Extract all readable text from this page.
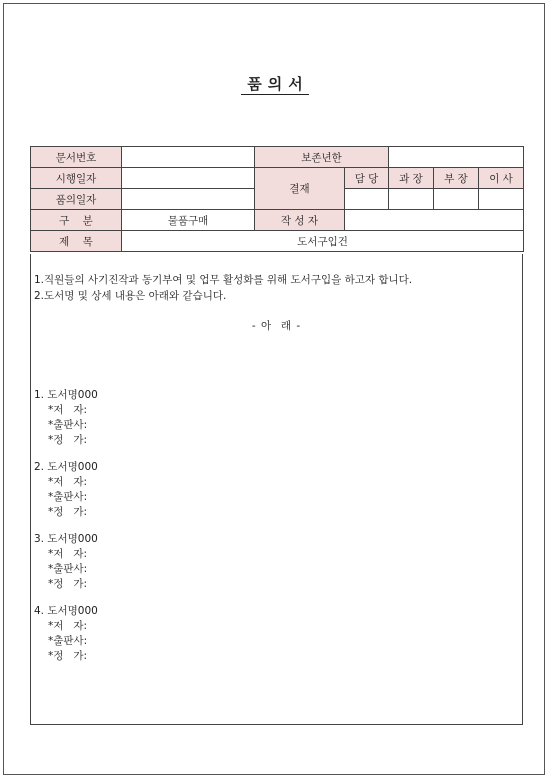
품의서
문서번호		보존년한				
시행일자		결재	담 당	과 장	부 장	이 사
품의일자						
구    분	물품구매	작 성 자				
제    목	도서구입건					
1.직원들의 사기진작과 동기부여 및 업무 활성화를 위해 도서구입을 하고자 합니다.
2.도서명 및 상세 내용은 아래와 같습니다.
- 아  래 -
1. 도서명000
*저   자:
*출판사:
*정   가:
2. 도서명000
*저   자:
*출판사:
*정   가:
3. 도서명000
*저   자:
*출판사:
*정   가:
4. 도서명000
*저   자:
*출판사:
*정   가:
